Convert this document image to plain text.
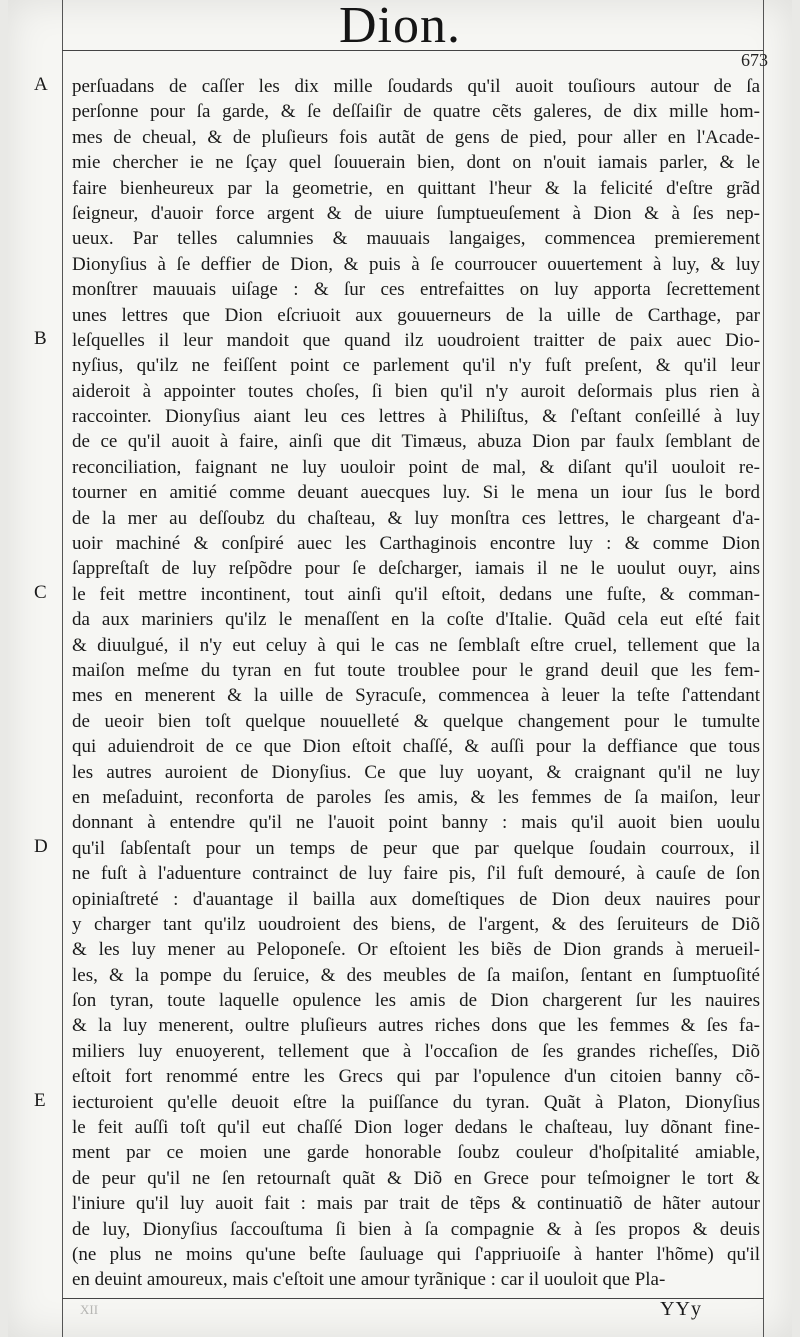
Dion.
673
A
B
C
D
E
perſuadans de caſſer les dix mille ſoudards qu'il auoit touſiours autour de ſa
perſonne pour ſa garde, & ſe deſſaiſir de quatre cẽts galeres, de dix mille hom-
mes de cheual, & de pluſieurs fois autãt de gens de pied, pour aller en l'Acade-
mie chercher ie ne ſçay quel ſouuerain bien, dont on n'ouit iamais parler, & le
faire bienheureux par la geometrie, en quittant l'heur & la felicité d'eſtre grãd
ſeigneur, d'auoir force argent & de uiure ſumptueuſement à Dion & à ſes nep-
ueux. Par telles calumnies & mauuais langaiges, commencea premierement
Dionyſius à ſe deffier de Dion, & puis à ſe courroucer ouuertement à luy, & luy
monſtrer mauuais uiſage : & ſur ces entrefaittes on luy apporta ſecrettement
unes lettres que Dion eſcriuoit aux gouuerneurs de la uille de Carthage, par
leſquelles il leur mandoit que quand ilz uoudroient traitter de paix auec Dio-
nyſius, qu'ilz ne feiſſent point ce parlement qu'il n'y fuſt preſent, & qu'il leur
aideroit à appointer toutes choſes, ſi bien qu'il n'y auroit deſormais plus rien à
raccointer. Dionyſius aiant leu ces lettres à Philiſtus, & ſ'eſtant conſeillé à luy
de ce qu'il auoit à faire, ainſi que dit Timæus, abuza Dion par faulx ſemblant de
reconciliation, faignant ne luy uouloir point de mal, & diſant qu'il uouloit re-
tourner en amitié comme deuant auecques luy. Si le mena un iour ſus le bord
de la mer au deſſoubz du chaſteau, & luy monſtra ces lettres, le chargeant d'a-
uoir machiné & conſpiré auec les Carthaginois encontre luy : & comme Dion
ſappreſtaſt de luy reſpõdre pour ſe deſcharger, iamais il ne le uoulut ouyr, ains
le feit mettre incontinent, tout ainſi qu'il eſtoit, dedans une fuſte, & comman-
da aux mariniers qu'ilz le menaſſent en la coſte d'Italie. Quãd cela eut eſté fait
& diuulgué, il n'y eut celuy à qui le cas ne ſemblaſt eſtre cruel, tellement que la
maiſon meſme du tyran en fut toute troublee pour le grand deuil que les fem-
mes en menerent & la uille de Syracuſe, commencea à leuer la teſte ſ'attendant
de ueoir bien toſt quelque nouuelleté & quelque changement pour le tumulte
qui aduiendroit de ce que Dion eſtoit chaſſé, & auſſi pour la deffiance que tous
les autres auroient de Dionyſius. Ce que luy uoyant, & craignant qu'il ne luy
en meſaduint, reconforta de paroles ſes amis, & les femmes de ſa maiſon, leur
donnant à entendre qu'il ne l'auoit point banny : mais qu'il auoit bien uoulu
qu'il ſabſentaſt pour un temps de peur que par quelque ſoudain courroux, il
ne fuſt à l'aduenture contrainct de luy faire pis, ſ'il fuſt demouré, à cauſe de ſon
opiniaſtreté : d'auantage il bailla aux domeſtiques de Dion deux nauires pour
y charger tant qu'ilz uoudroient des biens, de l'argent, & des ſeruiteurs de Diõ
& les luy mener au Peloponeſe. Or eſtoient les biẽs de Dion grands à merueil-
les, & la pompe du ſeruice, & des meubles de ſa maiſon, ſentant en ſumptuoſité
ſon tyran, toute laquelle opulence les amis de Dion chargerent ſur les nauires
& la luy menerent, oultre pluſieurs autres riches dons que les femmes & ſes fa-
miliers luy enuoyerent, tellement que à l'occaſion de ſes grandes richeſſes, Diõ
eſtoit fort renommé entre les Grecs qui par l'opulence d'un citoien banny cõ-
iecturoient qu'elle deuoit eſtre la puiſſance du tyran. Quãt à Platon, Dionyſius
le feit auſſi toſt qu'il eut chaſſé Dion loger dedans le chaſteau, luy dõnant fine-
ment par ce moien une garde honorable ſoubz couleur d'hoſpitalité amiable,
de peur qu'il ne ſen retournaſt quãt & Diõ en Grece pour teſmoigner le tort &
l'iniure qu'il luy auoit fait : mais par trait de tẽps & continuatiõ de hãter autour
de luy, Dionyſius ſaccouſtuma ſi bien à ſa compagnie & à ſes propos & deuis
(ne plus ne moins qu'une beſte ſauluage qui ſ'appriuoiſe à hanter l'hõme) qu'il
en deuint amoureux, mais c'eſtoit une amour tyrãnique : car il uouloit que Pla-
XII	YYy
